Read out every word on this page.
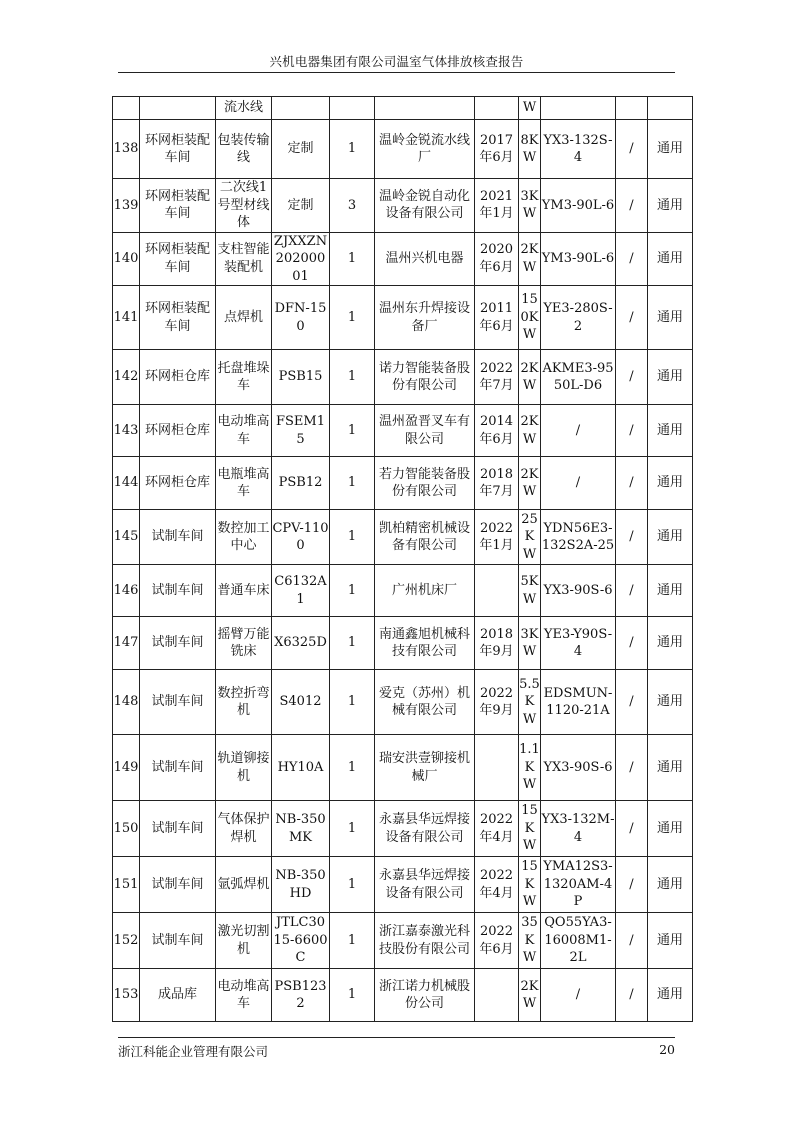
兴机电器集团有限公司温室气体排放核查报告
		流水线					W			
138	环网柜装配车间	包装传输线	定制	1	温岭金锐流水线厂	2017年6月	8KW	YX3-132S-4	/	通用
139	环网柜装配车间	二次线1号型材线体	定制	3	温岭金锐自动化设备有限公司	2021年1月	3KW	YM3-90L-6	/	通用
140	环网柜装配车间	支柱智能装配机	ZJXXZN20200001	1	温州兴机电器	2020年6月	2KW	YM3-90L-6	/	通用
141	环网柜装配车间	点焊机	DFN-150	1	温州东升焊接设备厂	2011年6月	150KW	YE3-280S-2	/	通用
142	环网柜仓库	托盘堆垛车	PSB15	1	诺力智能装备股份有限公司	2022年7月	2KW	AKME3-9550L-D6	/	通用
143	环网柜仓库	电动堆高车	FSEM15	1	温州盈晋叉车有限公司	2014年6月	2KW	/	/	通用
144	环网柜仓库	电瓶堆高车	PSB12	1	若力智能装备股份有限公司	2018年7月	2KW	/	/	通用
145	试制车间	数控加工中心	CPV-1100	1	凯柏精密机械设备有限公司	2022年1月	25KW	YDN56E3-132S2A-25	/	通用
146	试制车间	普通车床	C6132A1	1	广州机床厂		5KW	YX3-90S-6	/	通用
147	试制车间	摇臂万能铣床	X6325D	1	南通鑫旭机械科技有限公司	2018年9月	3KW	YE3-Y90S-4	/	通用
148	试制车间	数控折弯机	S4012	1	爱克（苏州）机械有限公司	2022年9月	5.5KW	EDSMUN-1120-21A	/	通用
149	试制车间	轨道铆接机	HY10A	1	瑞安洪壹铆接机械厂		1.1KW	YX3-90S-6	/	通用
150	试制车间	气体保护焊机	NB-350MK	1	永嘉县华远焊接设备有限公司	2022年4月	15KW	YX3-132M-4	/	通用
151	试制车间	氩弧焊机	NB-350HD	1	永嘉县华远焊接设备有限公司	2022年4月	15KW	YMA12S3-1320AM-4P	/	通用
152	试制车间	激光切割机	JTLC3015-6600C	1	浙江嘉泰激光科技股份有限公司	2022年6月	35KW	QO55YA3-16008M1-2L	/	通用
153	成品库	电动堆高车	PSB1232	1	浙江诺力机械股份公司		2KW	/	/	通用
浙江科能企业管理有限公司	20
